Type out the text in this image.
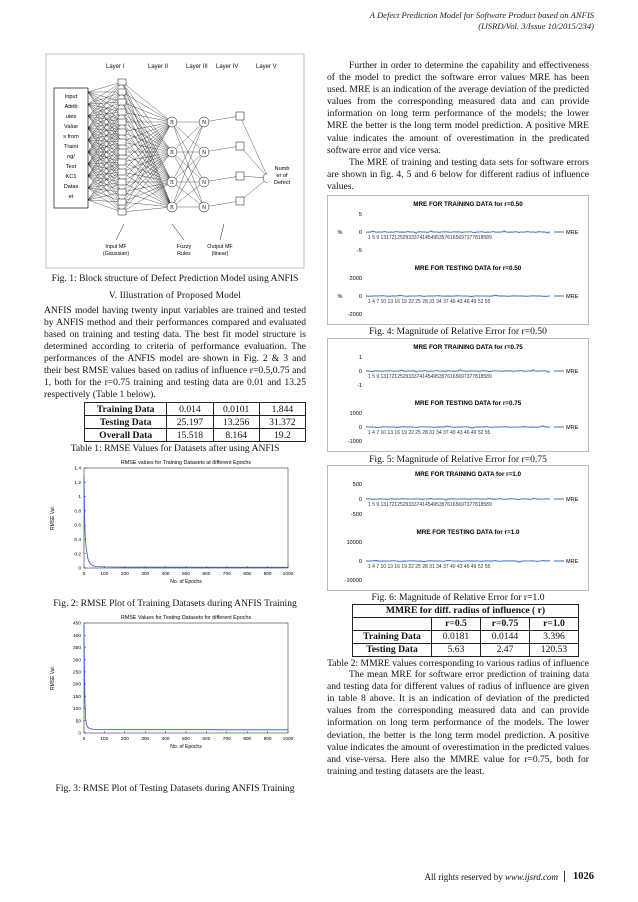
A Defect Prediction Model for Software Product based on ANFIS
(IJSRD/Vol. 3/Issue 10/2015/234)
Layer I	Layer II	Layer III Layer IV	Layer V
Input Attrib utes Value s from Traini ng/ Test KC1 Datas et
π
π
π
π
N
N
N
N
Numb er of Defect
Input MF (Gaussian)
Fuzzy Rules
Output MF (linear)

Fig. 1: Block structure of Defect Prediction Model using ANFIS

V. Illustration of Proposed Model

ANFIS model having twenty input variables are trained and tested by ANFIS method and their performances compared and evaluated based on training and testing data. The best fit model structure is determined according to criteria of performance evaluation. The performances of the ANFIS model are shown in Fig. 2 & 3 and their best RMSE values based on radius of influence r=0.5,0.75 and 1, both for the r=0.75 training and testing data are 0.01 and 13.25 respectively (Table 1 below).

Training Data	0.014	0.0101	1.844
Testing Data	25.197	13.256	31.372
Overall Data	15.518	8.164	19.2

Table 1: RMSE Values for Datasets after using ANFIS

RMSE values for Training Datasets at different Epochs
0	100	200	300	400	500	600	700	800	900 1000
0
0.2
0.4
0.6
0.8
1
1.2
1.4
No. of Epochs
RMSE Val.

Fig. 2: RMSE Plot of Training Datasets during ANFIS Training

RMSE Values for Testing Datasets for different Epochs
0	100	200	300	400	500	600	700	800	900 1000
0
50
100
150
200
250
300
350
400
450
No. of Epochs
RMSE Val.

Fig. 3: RMSE Plot of Testing Datasets during ANFIS Training

Further in order to determine the capability and effectiveness of the model to predict the software error values MRE has been used. MRE is an indication of the average deviation of the predicted values from the corresponding measured data and can provide information on long term performance of the models; the lower MRE the better is the long term model prediction. A positive MRE value indicates the amount of overestimation in the predicated software error and vice versa.

The MRE of training and testing data sets for software errors are shown in fig. 4, 5 and 6 below for different radius of influence values.

MRE FOR TRAINING DATA for r=0.50
-5
0
5
%
1 5 9 1317212529333741454953576165697377818589
MRE
MRE FOR TESTING DATA for r=0.50
-2000
0
2000
%
1 4 7 10 13 16 19 22 25 28 31 34 37 40 43 46 49 52 55
MRE

Fig. 4: Magnitude of Relative Error for r=0.50

MRE FOR TRAINING DATA for r=0.75
-1
0
1
1 5 9 1317212529333741454953576165697377818589
MRE
MRE FOR TESTING DATA for r=0.75
-1000
0
1000
1 4 7 10 13 16 19 22 25 28 31 34 37 40 43 46 49 52 55
MRE

Fig. 5: Magnitude of Relative Error for r=0.75

MRE FOR TRAINING DATA for r=1.0
-500
0
500
1 5 9 1317212529333741454953576165697377818589
MRE
MRE FOR TESTING DATA for r=1.0
-10000
0
10000
1 4 7 10 13 16 19 22 25 28 31 34 37 40 43 46 49 52 55
MRE

Fig. 6: Magnitude of Relative Error for r=1.0

MMRE for diff. radius of influence ( r)			
	r=0.5	r=0.75	r=1.0
Training Data	0.0181	0.0144	3.396
Testing Data	5.63	2.47	120.53

Table 2: MMRE values corresponding to various radius of influence

The mean MRE for software error prediction of training data and testing data for different values of radius of influence are given in table 8 above. It is an indication of deviation of the predicted values from the corresponding measured data and can provide information on long term performance of the models. The lower deviation, the better is the long term model prediction. A positive value indicates the amount of overestimation in the predicted values and vise-versa. Here also the MMRE value for r=0.75, both for training and testing datasets are the least.

All rights reserved by www.ijsrd.com	1026
